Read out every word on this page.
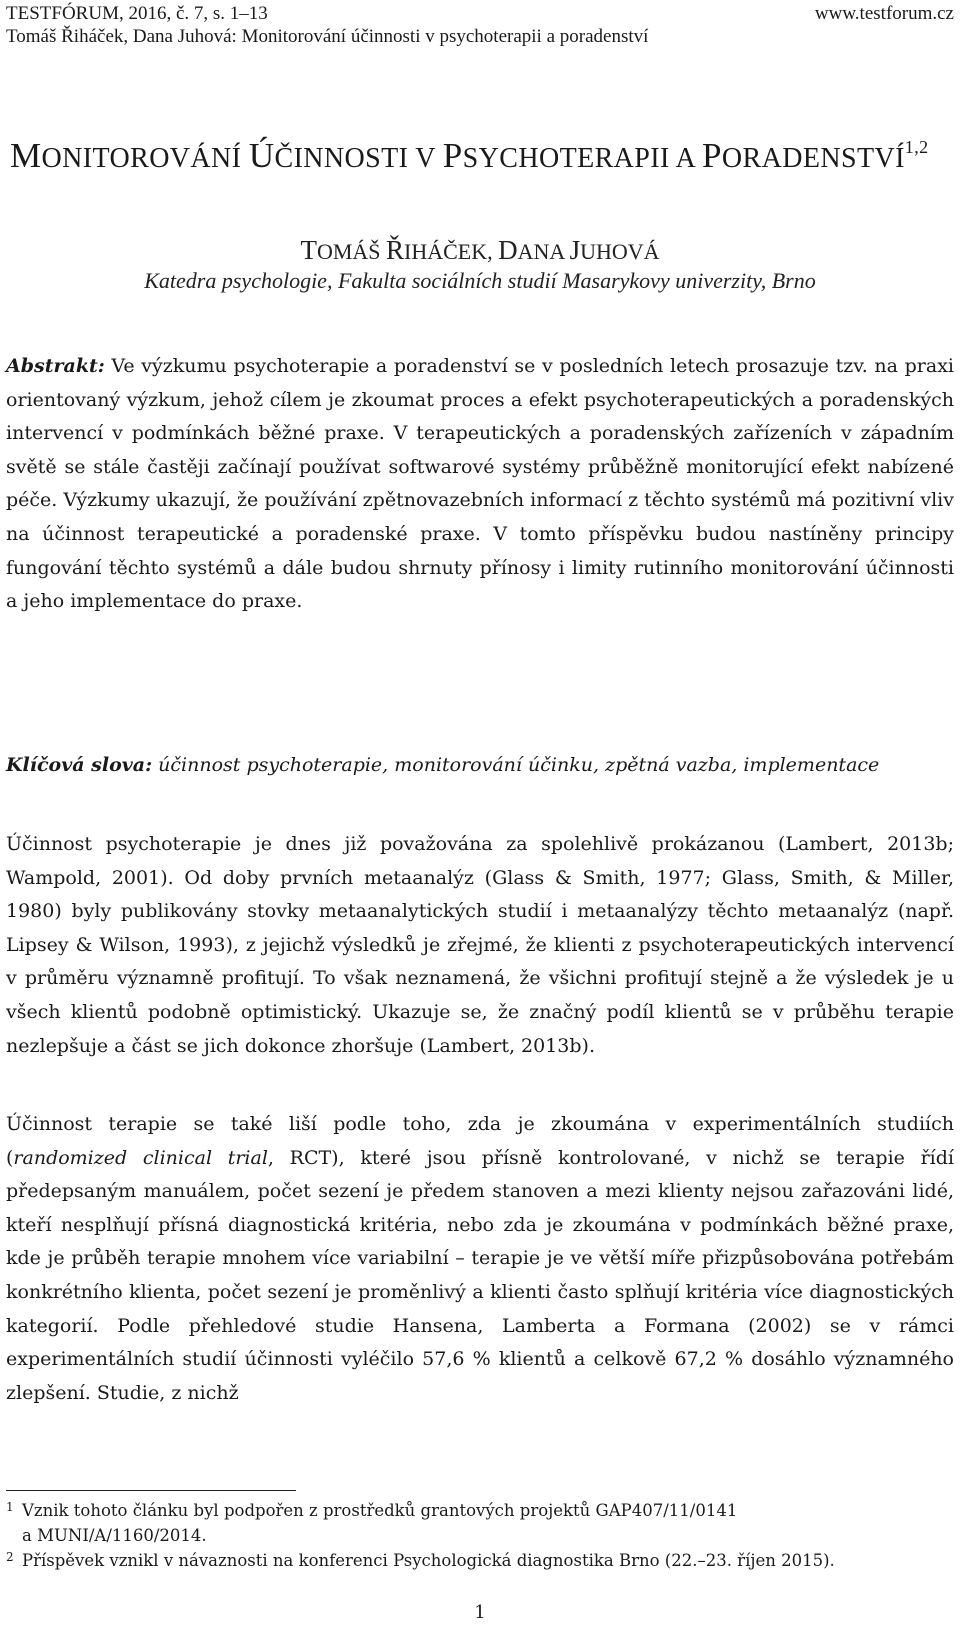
TESTFÓRUM, 2016, č. 7, s. 1–13	www.testforum.cz
Tomáš Řiháček, Dana Juhová: Monitorování účinnosti v psychoterapii a poradenství
MONITOROVÁNÍ ÚČINNOSTI V PSYCHOTERAPII A PORADENSTVÍ$^{1,2}$
TOMÁŠ ŘIHÁČEK, DANA JUHOVÁ
Katedra psychologie, Fakulta sociálních studií Masarykovy univerzity, Brno
Abstrakt: Ve výzkumu psychoterapie a poradenství se v posledních letech prosazuje tzv. na praxi orientovaný výzkum, jehož cílem je zkoumat proces a efekt psychoterapeutických a poradenských intervencí v podmínkách běžné praxe. V terapeutických a poradenských zařízeních v západním světě se stále častěji začínají používat softwarové systémy průběžně monitorující efekt nabízené péče. Výzkumy ukazují, že používání zpětnovazebních informací z těchto systémů má pozitivní vliv na účinnost terapeutické a poradenské praxe. V tomto příspěvku budou nastíněny principy fungování těchto systémů a dále budou shrnuty přínosy i limity rutinního monitorování účinnosti a jeho implementace do praxe.
Klíčová slova: účinnost psychoterapie, monitorování účinku, zpětná vazba, implementace
Účinnost psychoterapie je dnes již považována za spolehlivě prokázanou (Lambert, 2013b; Wampold, 2001). Od doby prvních metaanalýz (Glass & Smith, 1977; Glass, Smith, & Miller, 1980) byly publikovány stovky metaanalytických studií i metaanalýzy těchto metaanalýz (např. Lipsey & Wilson, 1993), z jejichž výsledků je zřejmé, že klienti z psychoterapeutických intervencí v průměru významně profitují. To však neznamená, že všichni profitují stejně a že výsledek je u všech klientů podobně optimistický. Ukazuje se, že značný podíl klientů se v průběhu terapie nezlepšuje a část se jich dokonce zhoršuje (Lambert, 2013b).
Účinnost terapie se také liší podle toho, zda je zkoumána v experimentálních studiích (randomized clinical trial, RCT), které jsou přísně kontrolované, v nichž se terapie řídí předepsaným manuálem, počet sezení je předem stanoven a mezi klienty nejsou zařazováni lidé, kteří nesplňují přísná diagnostická kritéria, nebo zda je zkoumána v podmínkách běžné praxe, kde je průběh terapie mnohem více variabilní – terapie je ve větší míře přizpůsobována potřebám konkrétního klienta, počet sezení je proměnlivý a klienti často splňují kritéria více diagnostických kategorií. Podle přehledové studie Hansena, Lamberta a Formana (2002) se v rámci experimentálních studií účinnosti vyléčilo 57,6 % klientů a celkově 67,2 % dosáhlo významného zlepšení. Studie, z nichž
1 Vznik tohoto článku byl podpořen z prostředků grantových projektů GAP407/11/0141
a MUNI/A/1160/2014.
2 Příspěvek vznikl v návaznosti na konferenci Psychologická diagnostika Brno (22.–23. říjen 2015).
1
